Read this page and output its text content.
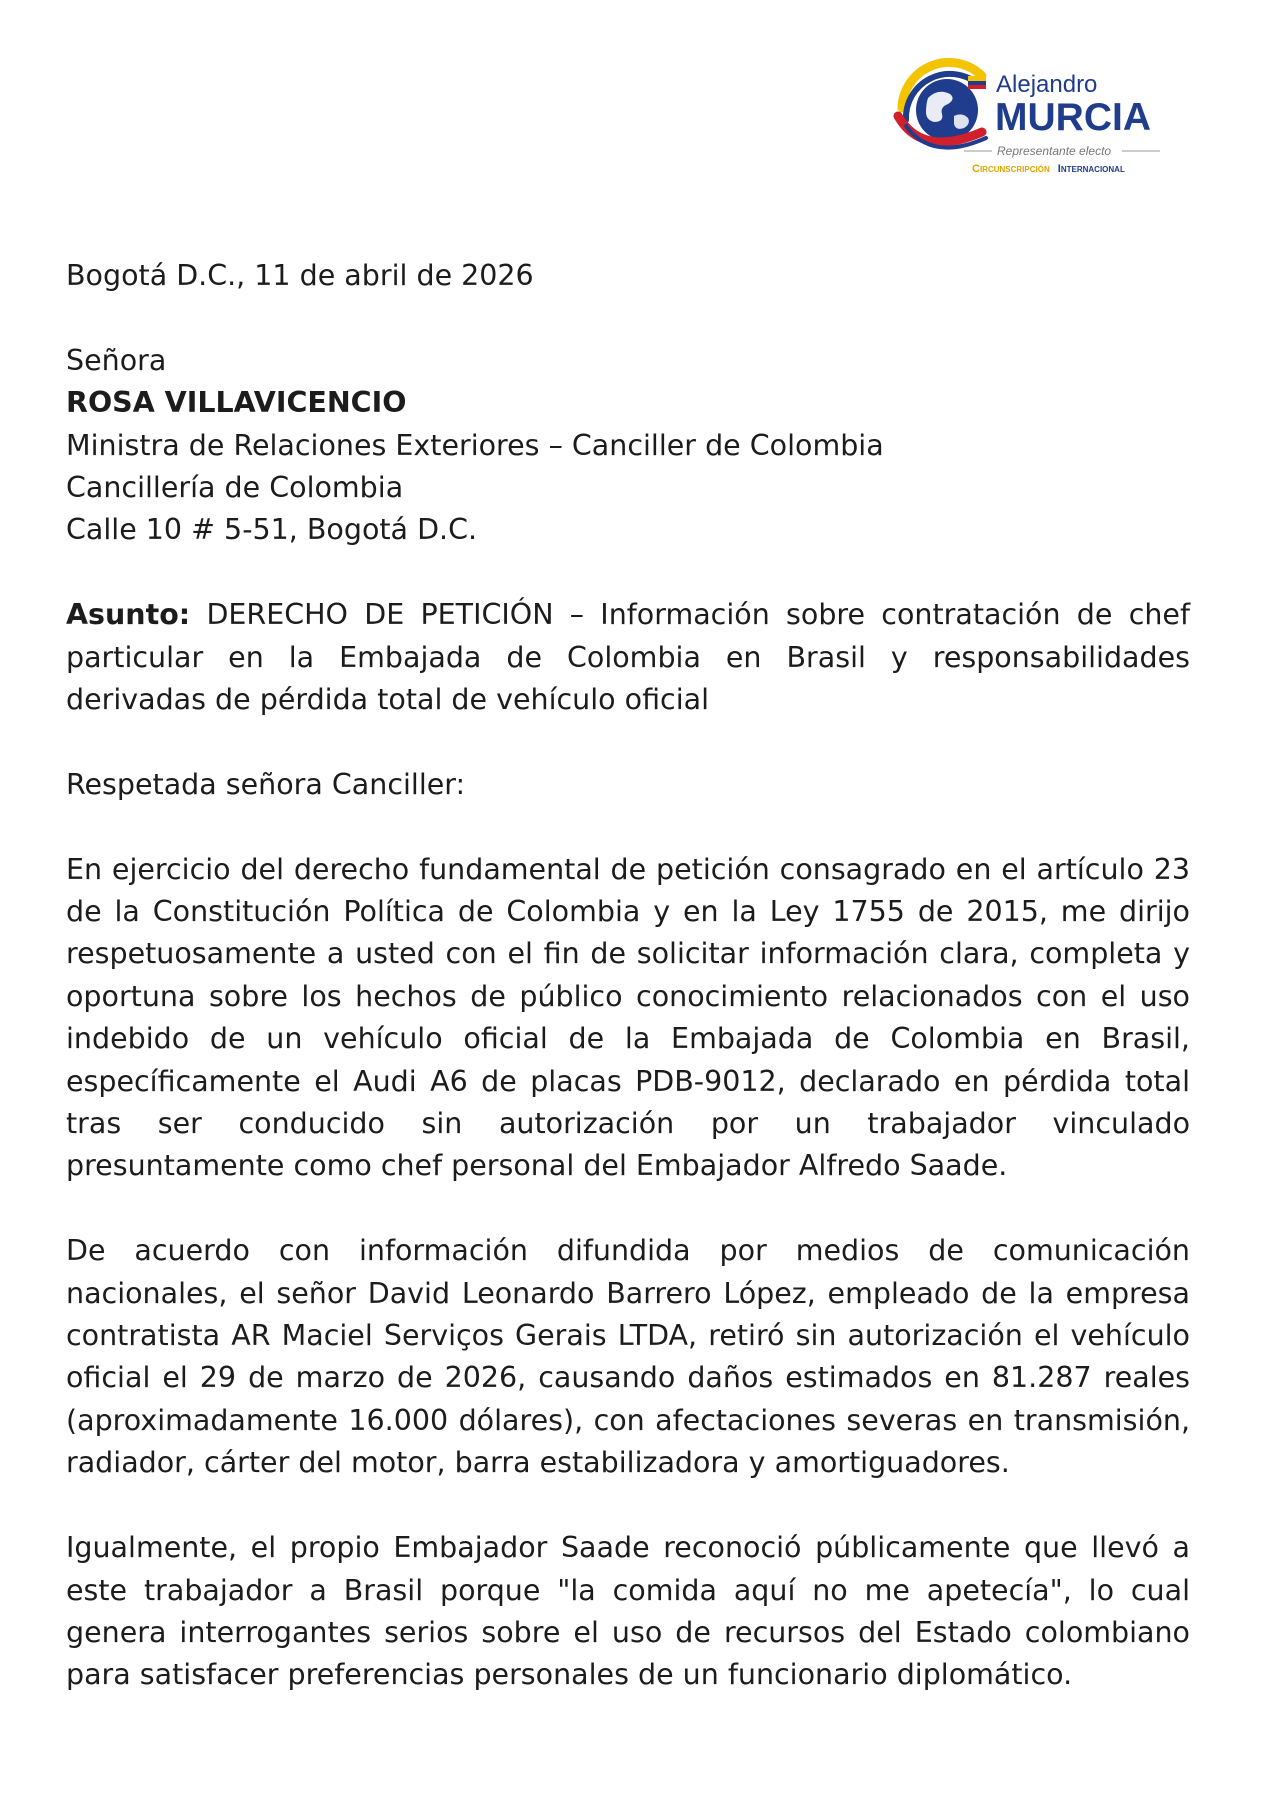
Alejandro
MURCIA
Representante electo
Circunscripción Internacional

Bogotá D.C., 11 de abril de 2026

Señora

ROSA VILLAVICENCIO

Ministra de Relaciones Exteriores – Canciller de Colombia

Cancillería de Colombia

Calle 10 # 5-51, Bogotá D.C.

Asunto: DERECHO DE PETICIÓN – Información sobre contratación de chef particular en la Embajada de Colombia en Brasil y responsabilidades derivadas de pérdida total de vehículo oficial

Respetada señora Canciller:

En ejercicio del derecho fundamental de petición consagrado en el artículo 23 de la Constitución Política de Colombia y en la Ley 1755 de 2015, me dirijo respetuosamente a usted con el fin de solicitar información clara, completa y oportuna sobre los hechos de público conocimiento relacionados con el uso indebido de un vehículo oficial de la Embajada de Colombia en Brasil, específicamente el Audi A6 de placas PDB-9012, declarado en pérdida total tras ser conducido sin autorización por un trabajador vinculado presuntamente como chef personal del Embajador Alfredo Saade.

De acuerdo con información difundida por medios de comunicación nacionales, el señor David Leonardo Barrero López, empleado de la empresa contratista AR Maciel Serviços Gerais LTDA, retiró sin autorización el vehículo oficial el 29 de marzo de 2026, causando daños estimados en 81.287 reales (aproximadamente 16.000 dólares), con afectaciones severas en transmisión, radiador, cárter del motor, barra estabilizadora y amortiguadores.

Igualmente, el propio Embajador Saade reconoció públicamente que llevó a este trabajador a Brasil porque "la comida aquí no me apetecía", lo cual genera interrogantes serios sobre el uso de recursos del Estado colombiano para satisfacer preferencias personales de un funcionario diplomático.
